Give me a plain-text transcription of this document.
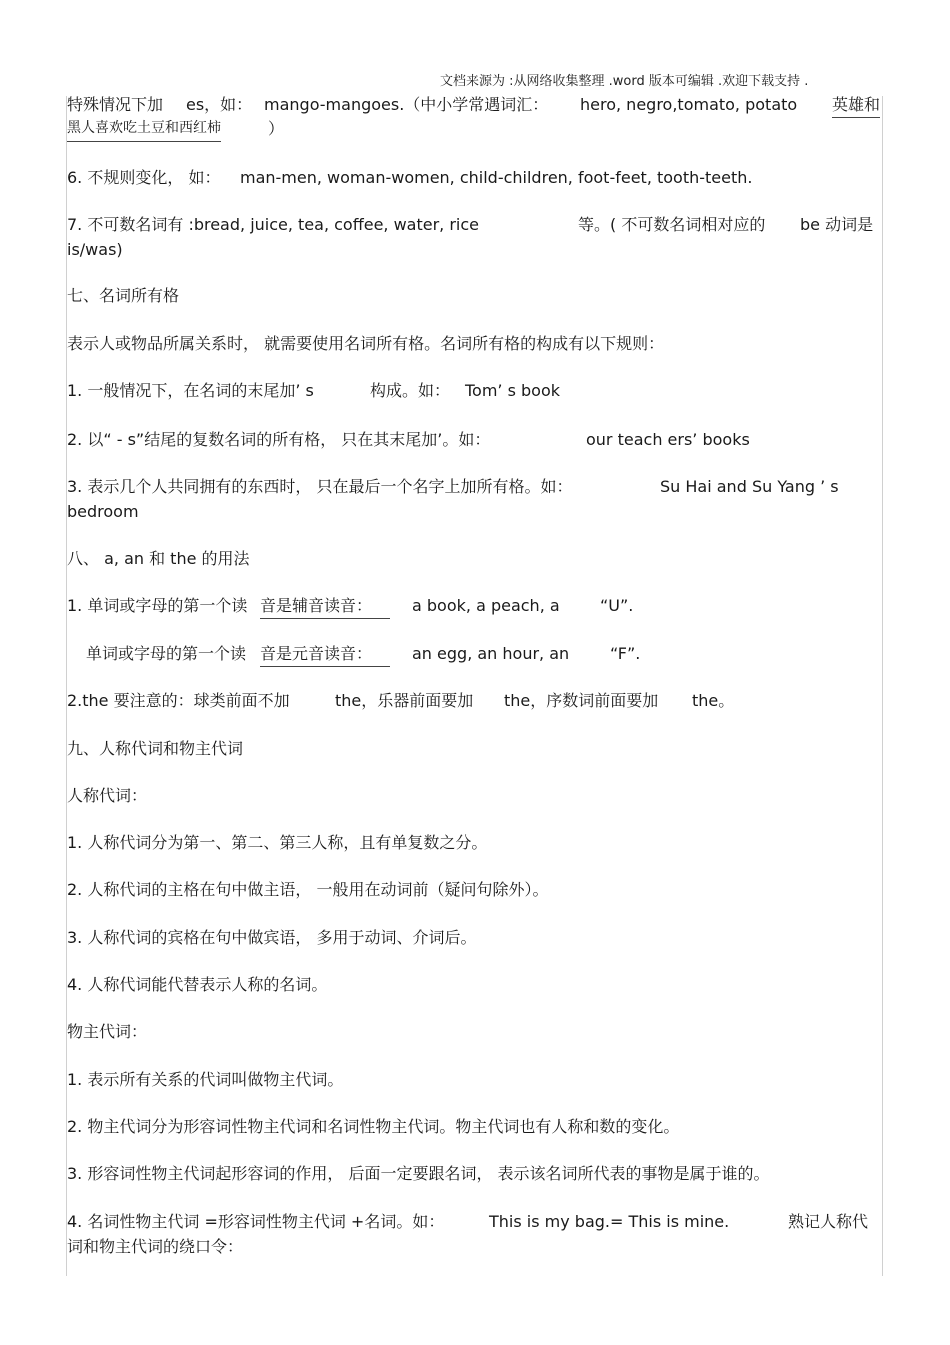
文档来源为 :从网络收集整理 .word 版本可编辑 .欢迎下载支持 .
特殊情况下加 es，如： mango-mangoes.（中小学常遇词汇： hero, negro,tomato, potato 英雄和
黑人喜欢吃土豆和西红柿	）
6. 不规则变化， 如： man-men, woman-women, child-children, foot-feet, tooth-teeth.
7. 不可数名词有 :bread, juice, tea, coffee, water, rice	等。( 不可数名词相对应的 be 动词是
is/was)
七、名词所有格
表示人或物品所属关系时， 就需要使用名词所有格。名词所有格的构成有以下规则：
1. 一般情况下，在名词的末尾加’ s	构成。如： Tom’ s book
2. 以“ - s”结尾的复数名词的所有格， 只在其末尾加’。如：	our teach ers’ books
3. 表示几个人共同拥有的东西时， 只在最后一个名字上加所有格。如：	Su Hai and Su Yang ’ s
bedroom
八、 a, an 和 the 的用法
1. 单词或字母的第一个读 音是辅音读音：	a book, a peach, a	“U”.
单词或字母的第一个读 音是元音读音：	an egg, an hour, an	“F”.
2.the 要注意的：球类前面不加	the，乐器前面要加 the，序数词前面要加 the。
九、人称代词和物主代词
人称代词：
1. 人称代词分为第一、第二、第三人称，且有单复数之分。
2. 人称代词的主格在句中做主语， 一般用在动词前（疑问句除外）。
3. 人称代词的宾格在句中做宾语， 多用于动词、介词后。
4. 人称代词能代替表示人称的名词。
物主代词：
1. 表示所有关系的代词叫做物主代词。
2. 物主代词分为形容词性物主代词和名词性物主代词。物主代词也有人称和数的变化。
3. 形容词性物主代词起形容词的作用， 后面一定要跟名词， 表示该名词所代表的事物是属于谁的。
4. 名词性物主代词 =形容词性物主代词 +名词。如：	This is my bag.= This is mine.	熟记人称代
词和物主代词的绕口令：
